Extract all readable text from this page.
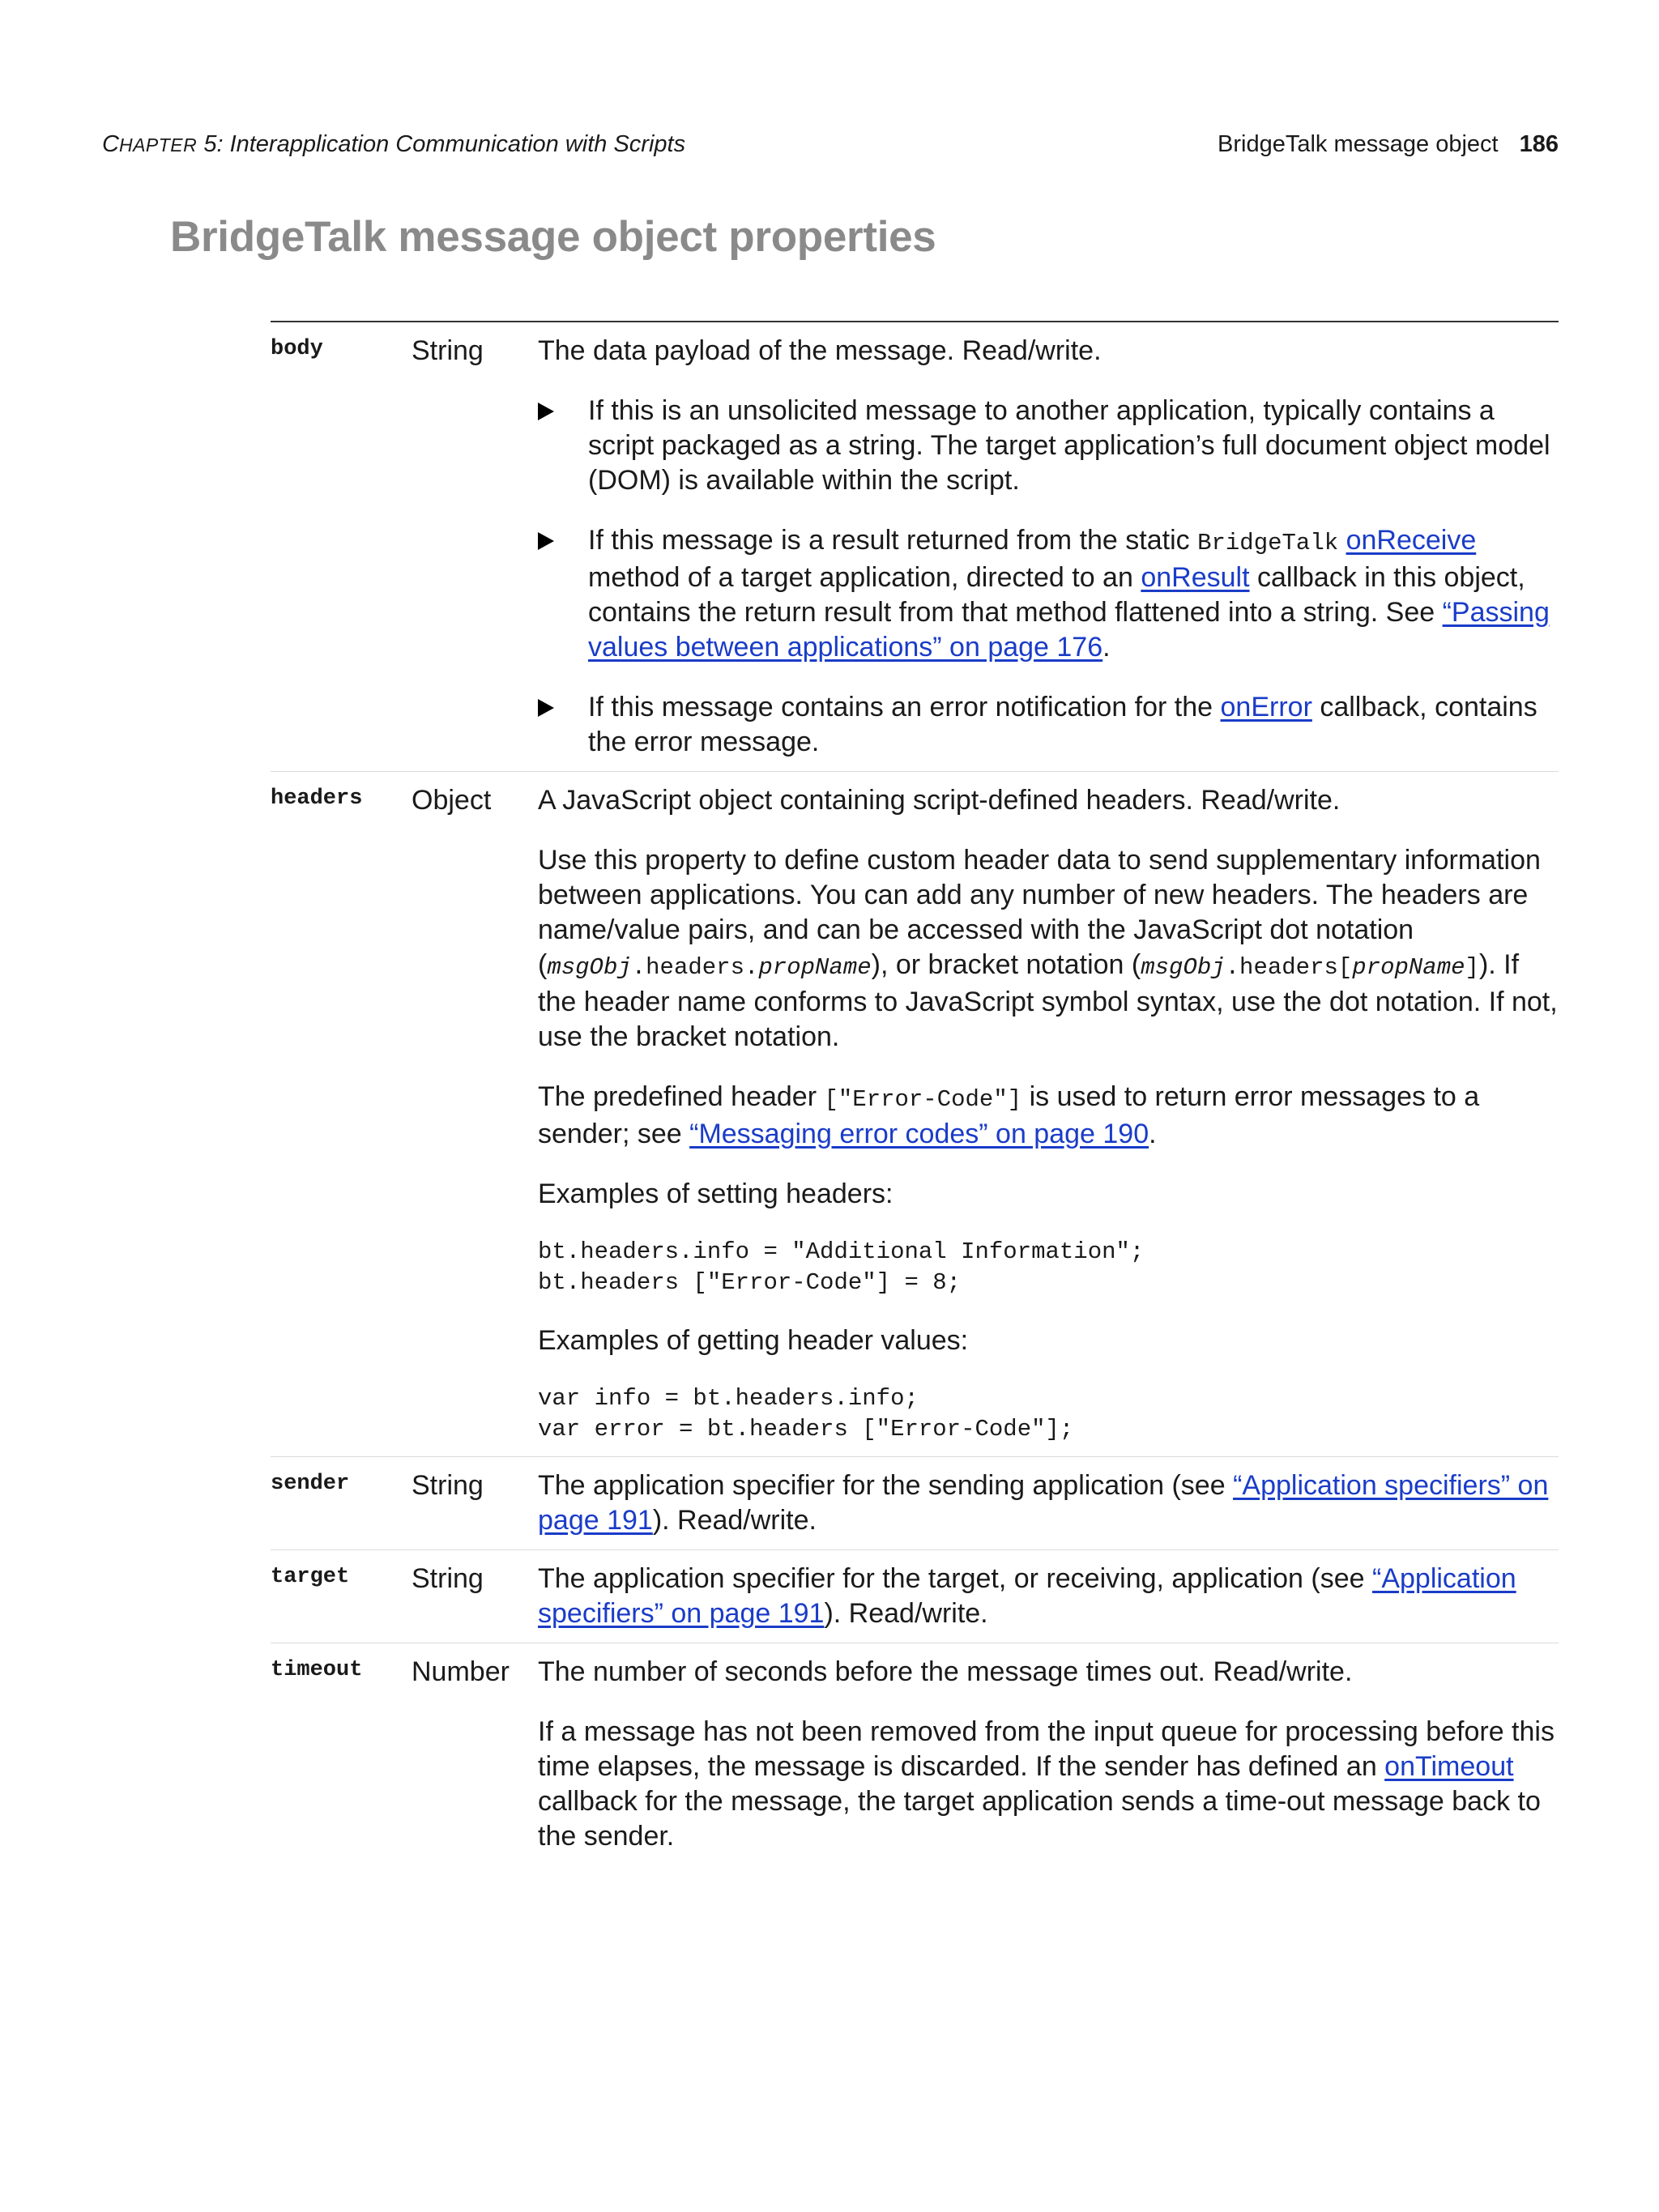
CHAPTER 5: Interapplication Communication with Scripts	BridgeTalk message object 186
BridgeTalk message object properties
body	String The data payload of the message. Read/write.

If this is an unsolicited message to another application, typically contains a script packaged as a string. The target application’s full document object model (DOM) is available within the script.
If this message is a result returned from the static BridgeTalk onReceive method of a target application, directed to an onResult callback in this object, contains the return result from that method flattened into a string. See “Passing values between applications” on page 176.
If this message contains an error notification for the onError callback, contains the error message.
headers Object A JavaScript object containing script-defined headers. Read/write.

Use this property to define custom header data to send supplementary information between applications. You can add any number of new headers. The headers are name/value pairs, and can be accessed with the JavaScript dot notation (msgObj.headers.propName), or bracket notation (msgObj.headers[propName]). If the header name conforms to JavaScript symbol syntax, use the dot notation. If not, use the bracket notation.

The predefined header ["Error-Code"] is used to return error messages to a sender; see “Messaging error codes” on page 190.

Examples of setting headers:

bt.headers.info = "Additional Information";
bt.headers ["Error-Code"] = 8;

Examples of getting header values:

var info = bt.headers.info;
var error = bt.headers ["Error-Code"];
sender String The application specifier for the sending application (see “Application specifiers” on page 191). Read/write.

target String The application specifier for the target, or receiving, application (see “Application specifiers” on page 191). Read/write.

timeout Number The number of seconds before the message times out. Read/write.

If a message has not been removed from the input queue for processing before this time elapses, the message is discarded. If the sender has defined an onTimeout callback for the message, the target application sends a time-out message back to the sender.
